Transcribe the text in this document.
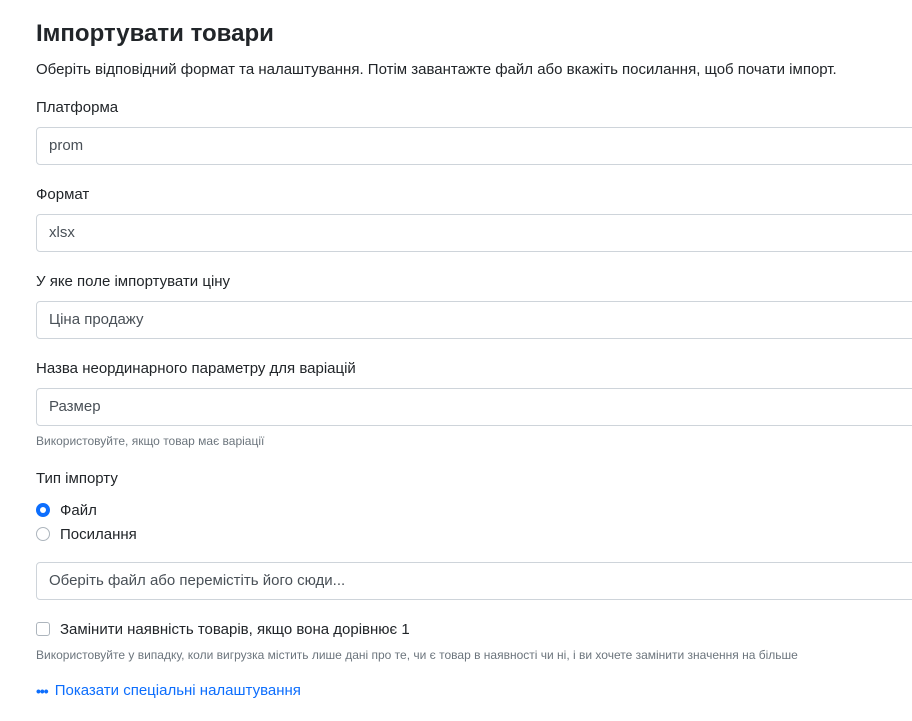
Імпортувати товари
Оберіть відповідний формат та налаштування. Потім завантажте файл або вкажіть посилання, щоб почати імпорт.
Платформа
prom
Формат
xlsx
У яке поле імпортувати ціну
Ціна продажу
Назва неординарного параметру для варіацій
Размер
Використовуйте, якщо товар має варіації
Тип імпорту
Файл
Посилання
Оберіть файл або перемістіть його сюди...
Замінити наявність товарів, якщо вона дорівнює 1
Використовуйте у випадку, коли вигрузка містить лише дані про те, чи є товар в наявності чи ні, і ви хочете замінити значення на більше
••• Показати спеціальні налаштування
